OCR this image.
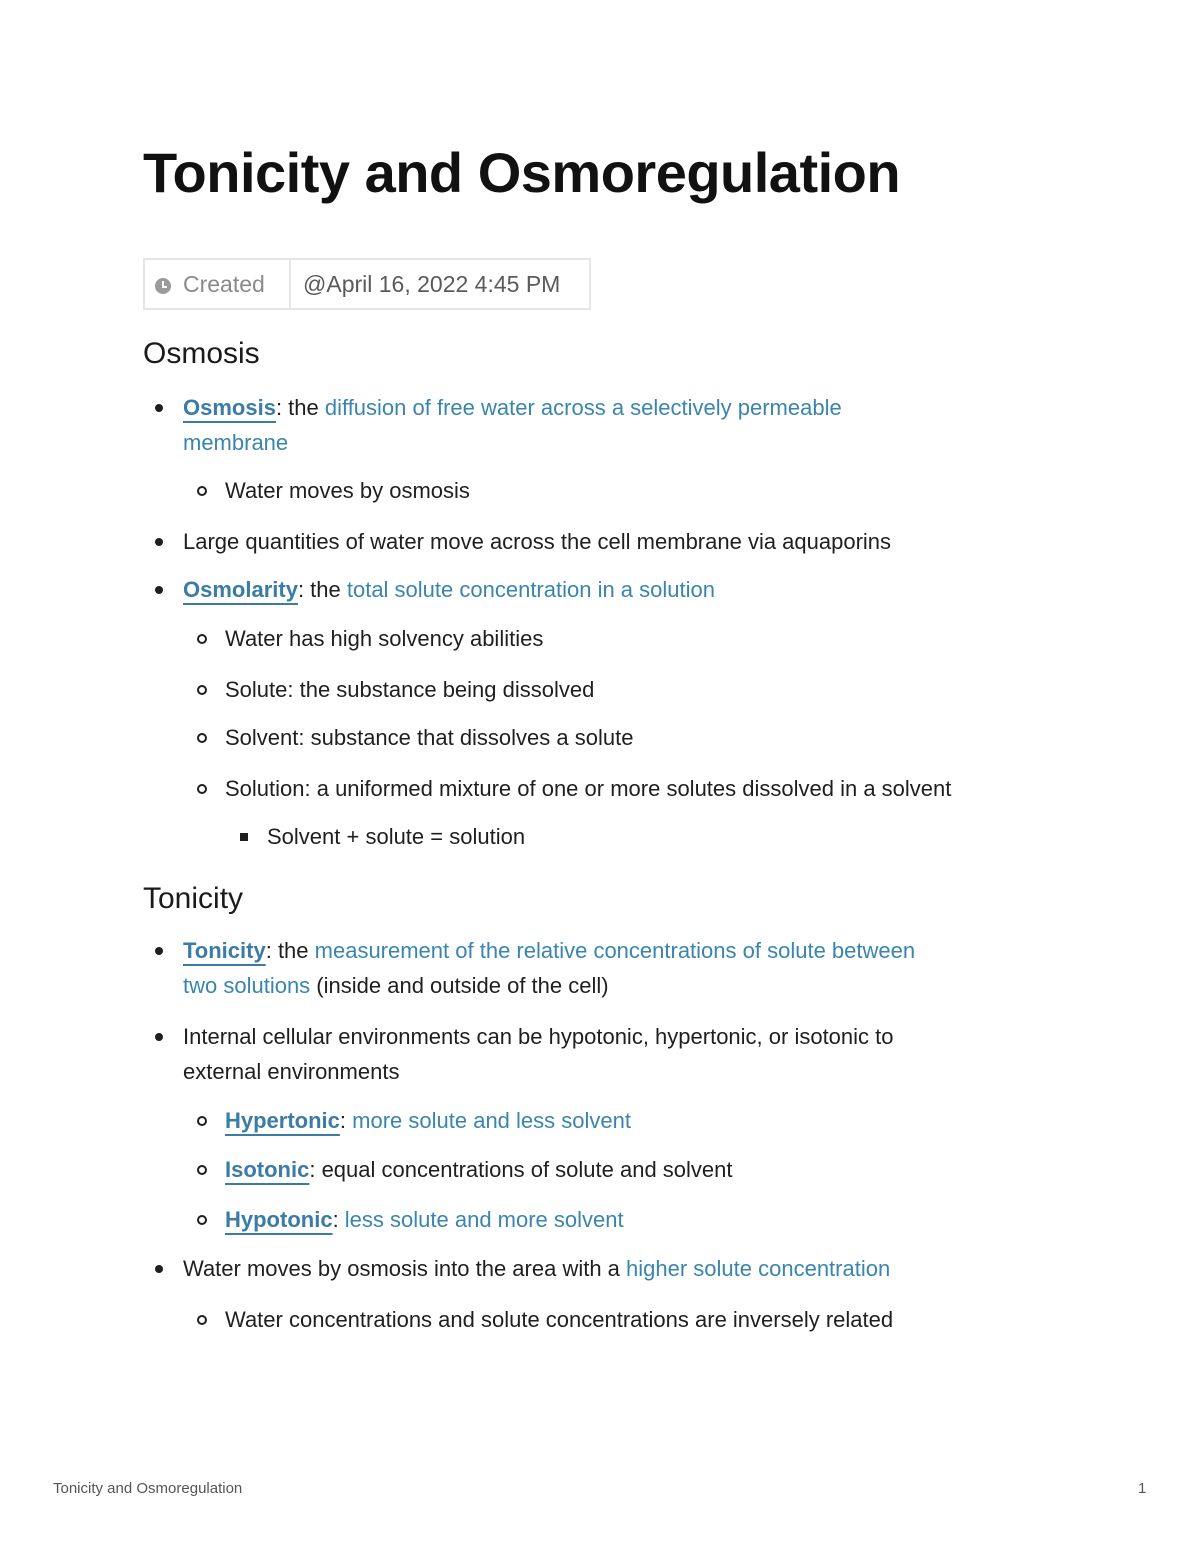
Tonicity and Osmoregulation
Created	@April 16, 2022 4:45 PM
Osmosis
Osmosis: the diffusion of free water across a selectively permeable
membrane
Water moves by osmosis
Large quantities of water move across the cell membrane via aquaporins
Osmolarity: the total solute concentration in a solution
Water has high solvency abilities
Solute: the substance being dissolved
Solvent: substance that dissolves a solute
Solution: a uniformed mixture of one or more solutes dissolved in a solvent
Solvent + solute = solution
Tonicity
Tonicity: the measurement of the relative concentrations of solute between
two solutions (inside and outside of the cell)
Internal cellular environments can be hypotonic, hypertonic, or isotonic to
external environments
Hypertonic: more solute and less solvent
Isotonic: equal concentrations of solute and solvent
Hypotonic: less solute and more solvent
Water moves by osmosis into the area with a higher solute concentration
Water concentrations and solute concentrations are inversely related
Tonicity and Osmoregulation	1
